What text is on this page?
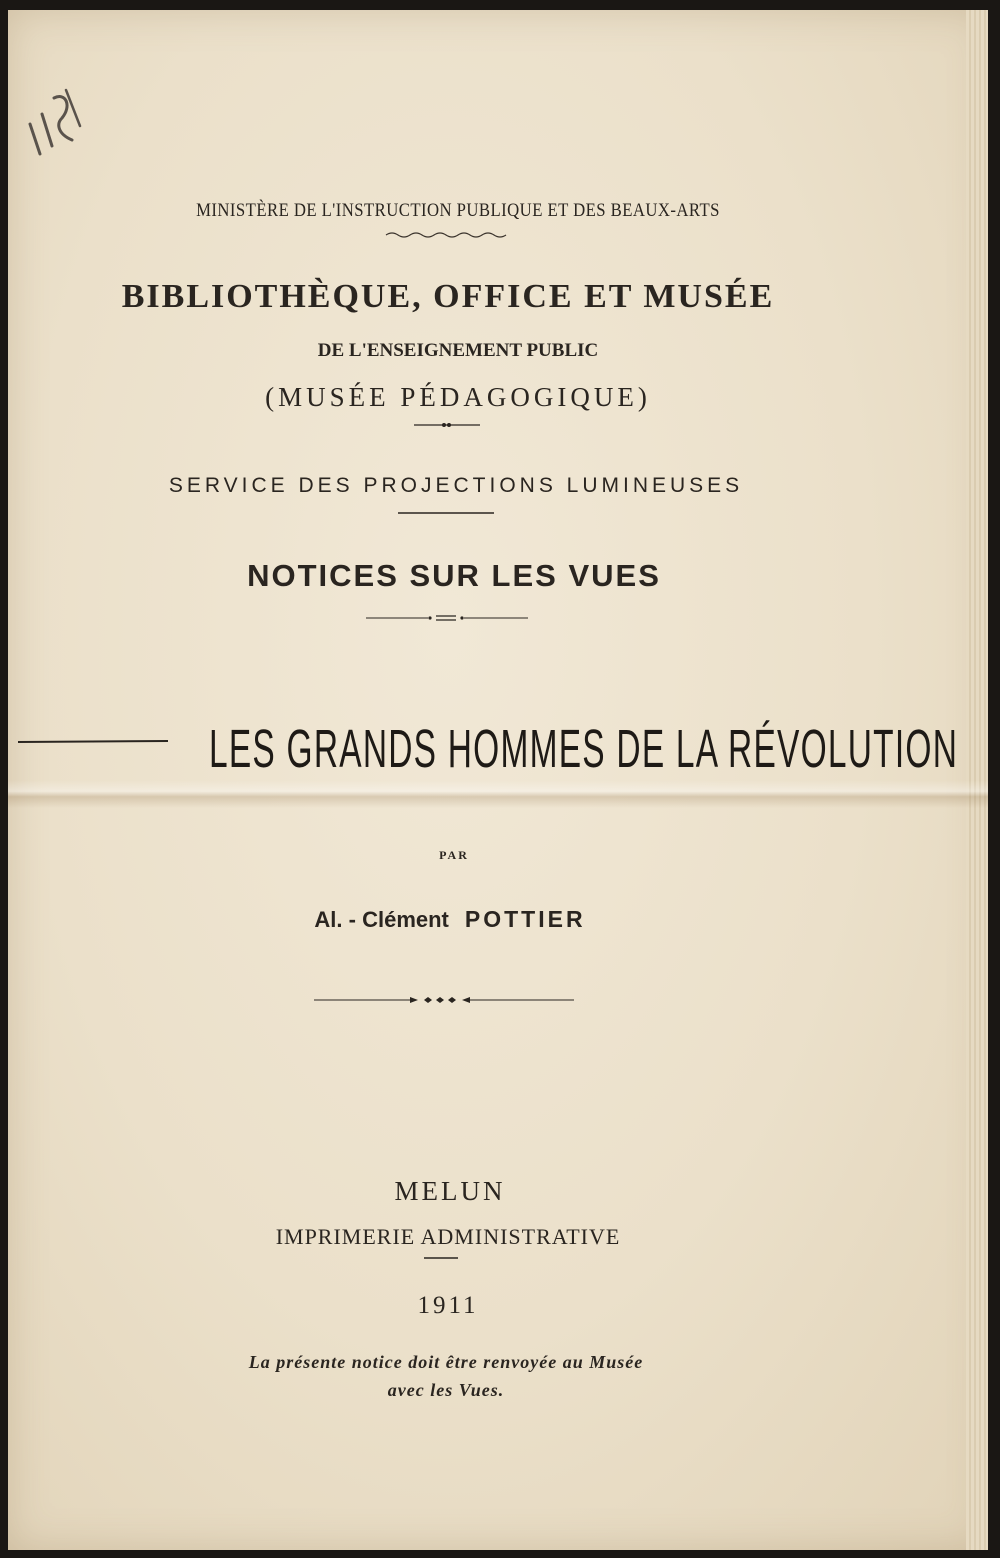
MINISTÈRE DE L'INSTRUCTION PUBLIQUE ET DES BEAUX-ARTS
BIBLIOTHÈQUE, OFFICE ET MUSÉE
DE L'ENSEIGNEMENT PUBLIC
(MUSÉE PÉDAGOGIQUE)
SERVICE DES PROJECTIONS LUMINEUSES
NOTICES SUR LES VUES
LES GRANDS HOMMES DE LA RÉVOLUTION
PAR
Al. - Clément POTTIER
MELUN
IMPRIMERIE ADMINISTRATIVE
1911
La présente notice doit être renvoyée au Musée
avec les Vues.
